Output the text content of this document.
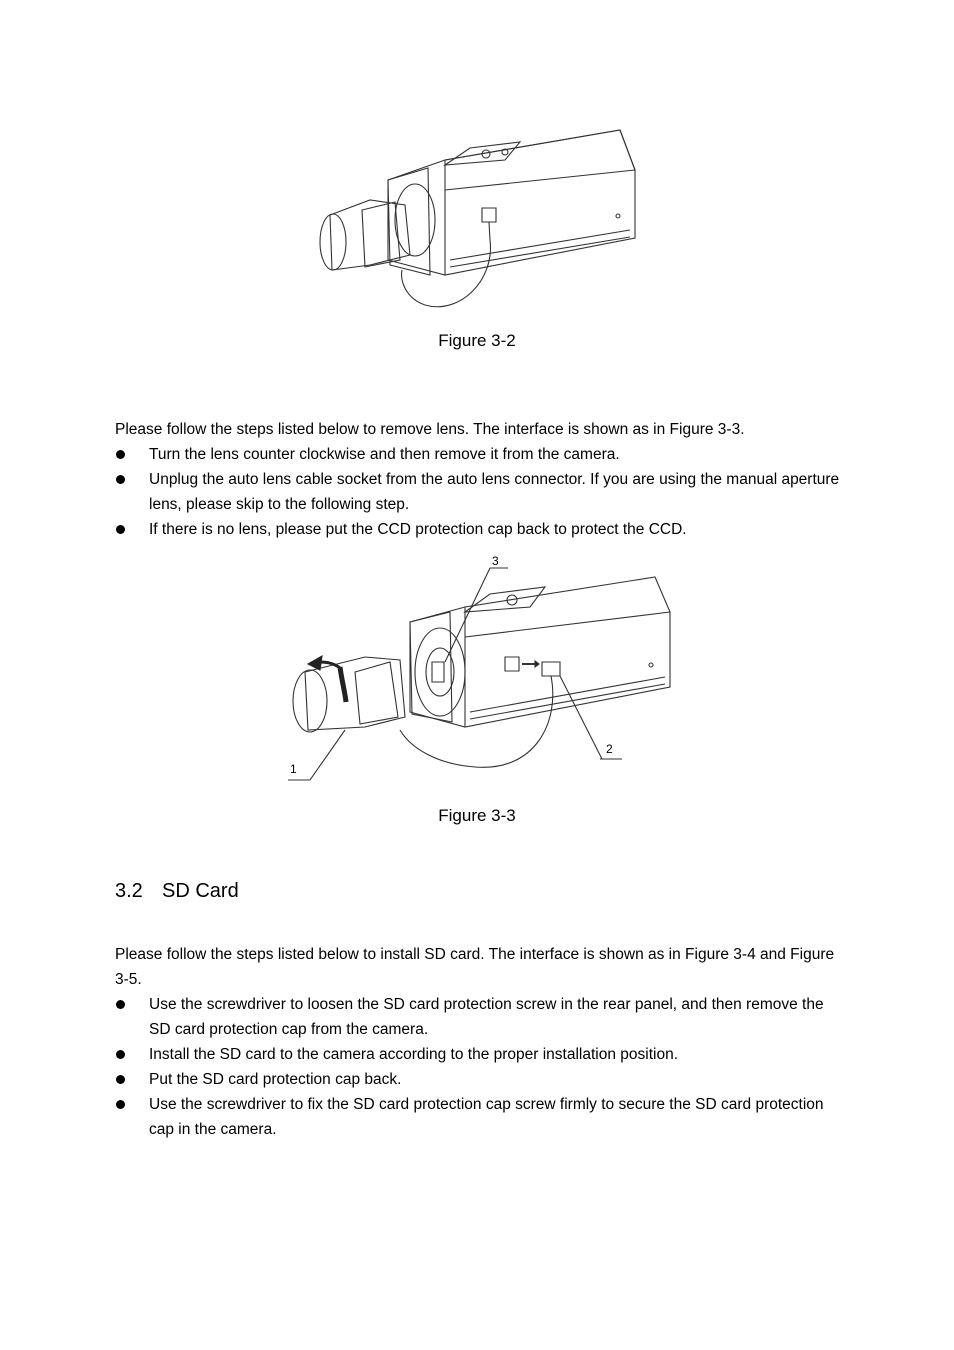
Figure 3-2
Please follow the steps listed below to remove lens. The interface is shown as in Figure 3-3.
Turn the lens counter clockwise and then remove it from the camera.
Unplug the auto lens cable socket from the auto lens connector. If you are using the manual aperture lens, please skip to the following step.
If there is no lens, please put the CCD protection cap back to protect the CCD.
1
2
3
Figure 3-3
3.2 SD Card
Please follow the steps listed below to install SD card. The interface is shown as in Figure 3-4 and Figure 3-5.
Use the screwdriver to loosen the SD card protection screw in the rear panel, and then remove the SD card protection cap from the camera.
Install the SD card to the camera according to the proper installation position.
Put the SD card protection cap back.
Use the screwdriver to fix the SD card protection cap screw firmly to secure the SD card protection cap in the camera.
